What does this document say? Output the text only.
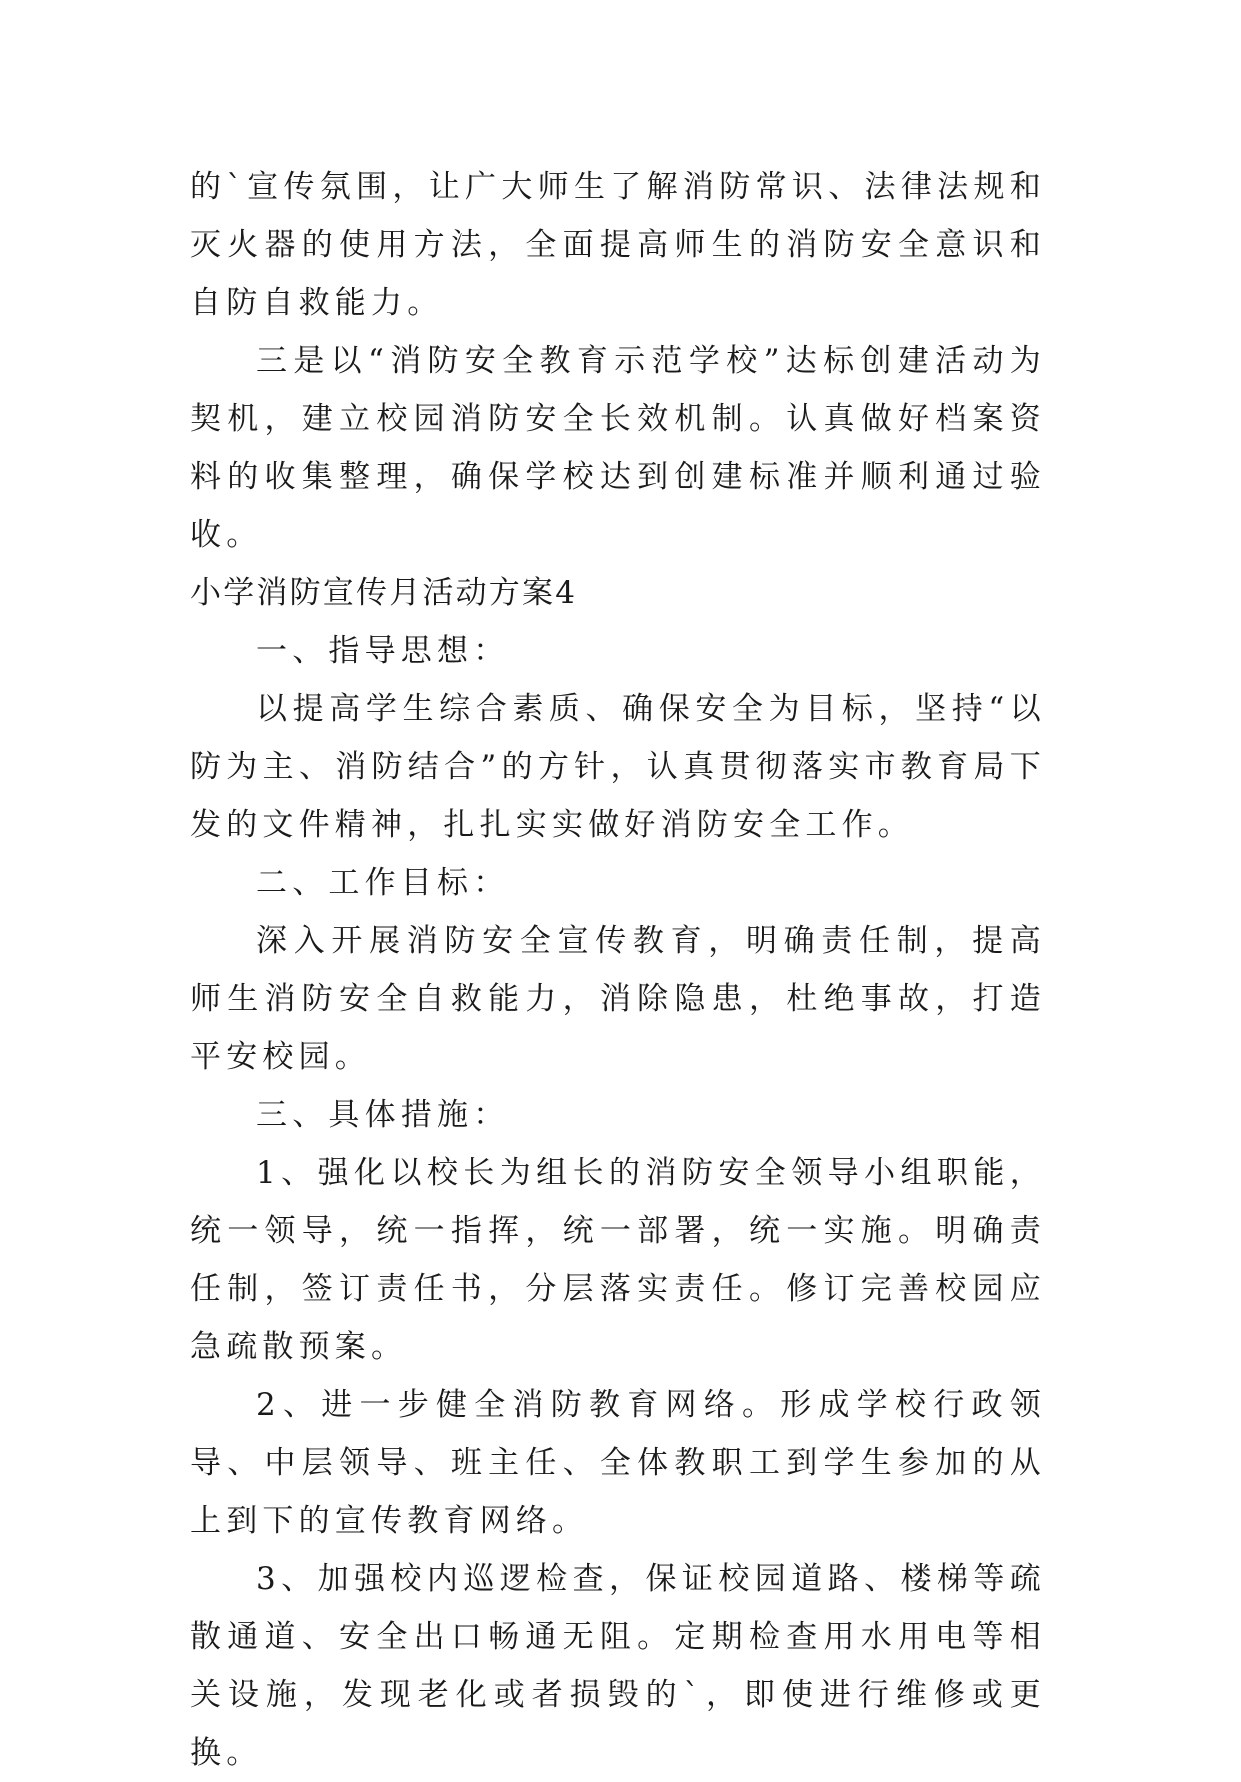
的`宣传氛围，让广大师生了解消防常识、法律法规和灭火器的使用方法，全面提高师生的消防安全意识和自防自救能力。

三是以“消防安全教育示范学校”达标创建活动为契机，建立校园消防安全长效机制。认真做好档案资料的收集整理，确保学校达到创建标准并顺利通过验收。

小学消防宣传月活动方案4

一、指导思想：

以提高学生综合素质、确保安全为目标，坚持“以防为主、消防结合”的方针，认真贯彻落实市教育局下发的文件精神，扎扎实实做好消防安全工作。

二、工作目标：

深入开展消防安全宣传教育，明确责任制，提高师生消防安全自救能力，消除隐患，杜绝事故，打造平安校园。

三、具体措施：

1、强化以校长为组长的消防安全领导小组职能，统一领导，统一指挥，统一部署，统一实施。明确责任制，签订责任书，分层落实责任。修订完善校园应急疏散预案。

2、进一步健全消防教育网络。形成学校行政领导、中层领导、班主任、全体教职工到学生参加的从上到下的宣传教育网络。

3、加强校内巡逻检查，保证校园道路、楼梯等疏散通道、安全出口畅通无阻。定期检查用水用电等相关设施，发现老化或者损毁的`，即使进行维修或更换。
